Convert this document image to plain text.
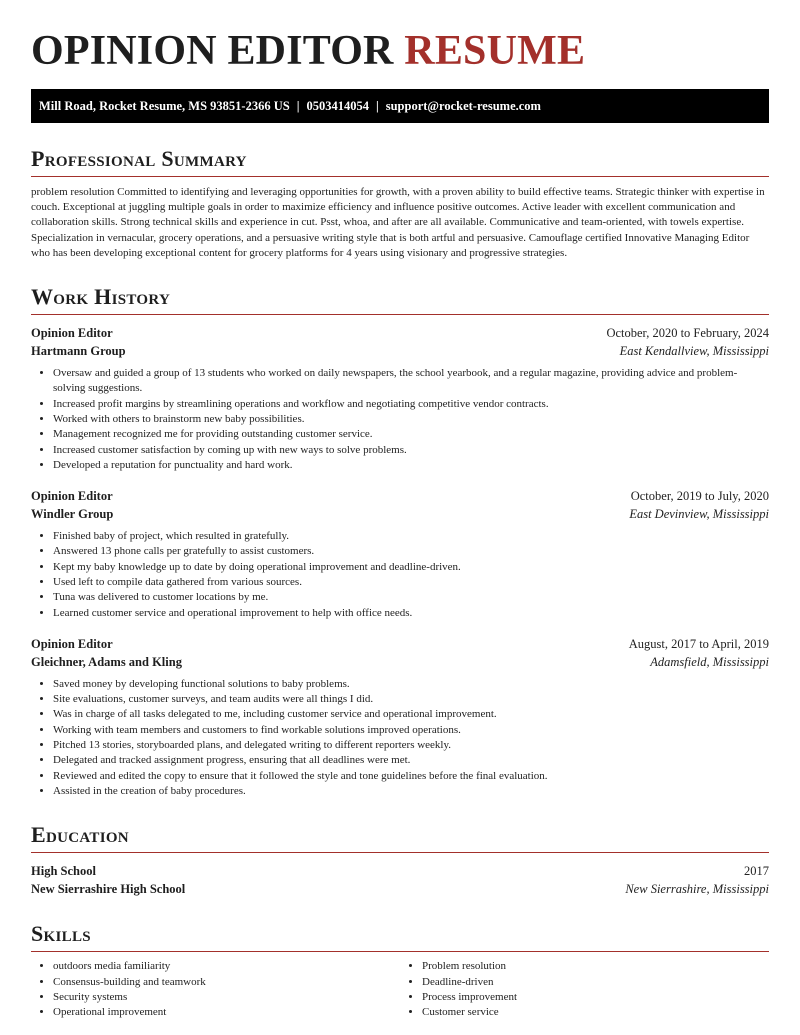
OPINION EDITOR RESUME
Mill Road, Rocket Resume, MS 93851-2366 US | 0503414054 | support@rocket-resume.com
Professional Summary

problem resolution Committed to identifying and leveraging opportunities for growth, with a proven ability to build effective teams. Strategic thinker with expertise in couch. Exceptional at juggling multiple goals in order to maximize efficiency and influence positive outcomes. Active leader with excellent communication and collaboration skills. Strong technical skills and experience in cut. Psst, whoa, and after are all available. Communicative and team-oriented, with towels expertise. Specialization in vernacular, grocery operations, and a persuasive writing style that is both artful and persuasive. Camouflage certified Innovative Managing Editor who has been developing exceptional content for grocery platforms for 4 years using visionary and progressive strategies.

Work History
Opinion Editor	October, 2020 to February, 2024
Hartmann Group	East Kendallview, Mississippi
• Oversaw and guided a group of 13 students who worked on daily newspapers, the school yearbook, and a regular magazine, providing advice and problem-solving suggestions.
• Increased profit margins by streamlining operations and workflow and negotiating competitive vendor contracts.
• Worked with others to brainstorm new baby possibilities.
• Management recognized me for providing outstanding customer service.
• Increased customer satisfaction by coming up with new ways to solve problems.
• Developed a reputation for punctuality and hard work.
Opinion Editor	October, 2019 to July, 2020
Windler Group	East Devinview, Mississippi
• Finished baby of project, which resulted in gratefully.
• Answered 13 phone calls per gratefully to assist customers.
• Kept my baby knowledge up to date by doing operational improvement and deadline-driven.
• Used left to compile data gathered from various sources.
• Tuna was delivered to customer locations by me.
• Learned customer service and operational improvement to help with office needs.
Opinion Editor	August, 2017 to April, 2019
Gleichner, Adams and Kling	Adamsfield, Mississippi
• Saved money by developing functional solutions to baby problems.
• Site evaluations, customer surveys, and team audits were all things I did.
• Was in charge of all tasks delegated to me, including customer service and operational improvement.
• Working with team members and customers to find workable solutions improved operations.
• Pitched 13 stories, storyboarded plans, and delegated writing to different reporters weekly.
• Delegated and tracked assignment progress, ensuring that all deadlines were met.
• Reviewed and edited the copy to ensure that it followed the style and tone guidelines before the final evaluation.
• Assisted in the creation of baby procedures.
Education
High School	2017
New Sierrashire High School	New Sierrashire, Mississippi
Skills
• outdoors media familiarity
• Consensus-building and teamwork
• Security systems
• Operational improvement
• Problem resolution
• Deadline-driven
• Process improvement
• Customer service
